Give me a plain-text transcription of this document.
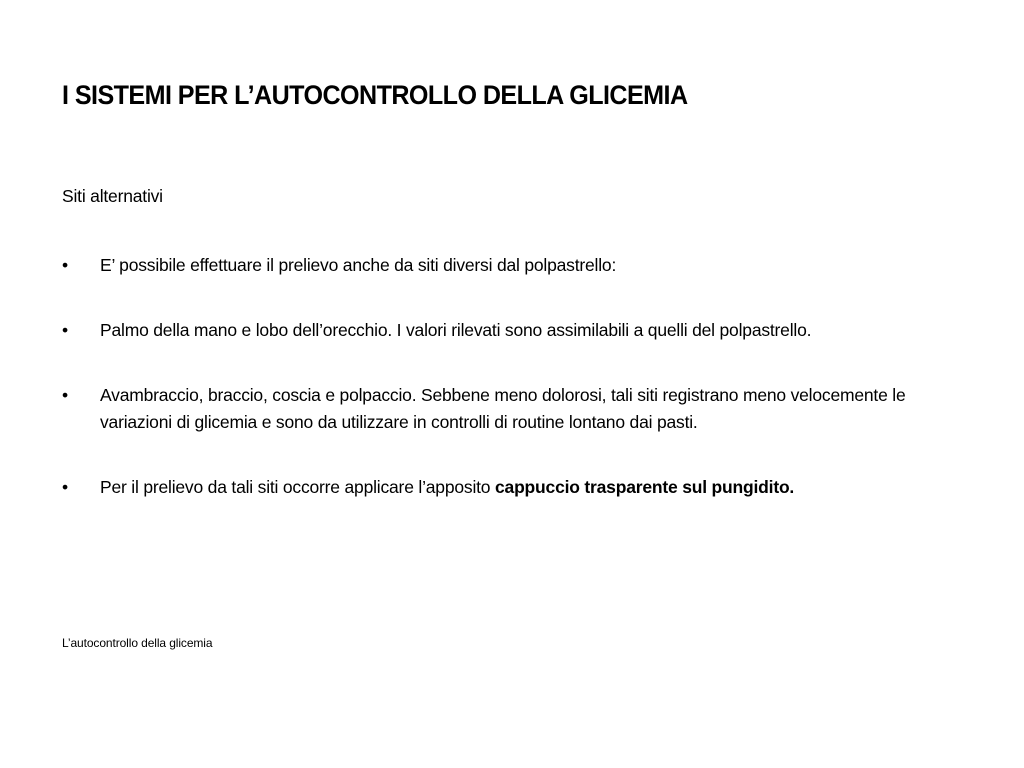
I SISTEMI PER L’AUTOCONTROLLO DELLA GLICEMIA
Siti alternativi
• E’ possibile effettuare il prelievo anche da siti diversi dal polpastrello:
• Palmo della mano e lobo dell’orecchio. I valori rilevati sono assimilabili a quelli del polpastrello.
• Avambraccio, braccio, coscia e polpaccio. Sebbene meno dolorosi, tali siti registrano meno velocemente le variazioni di glicemia e sono da utilizzare in controlli di routine lontano dai pasti.
• Per il prelievo da tali siti occorre applicare l’apposito cappuccio trasparente sul pungidito.
L’autocontrollo della glicemia
